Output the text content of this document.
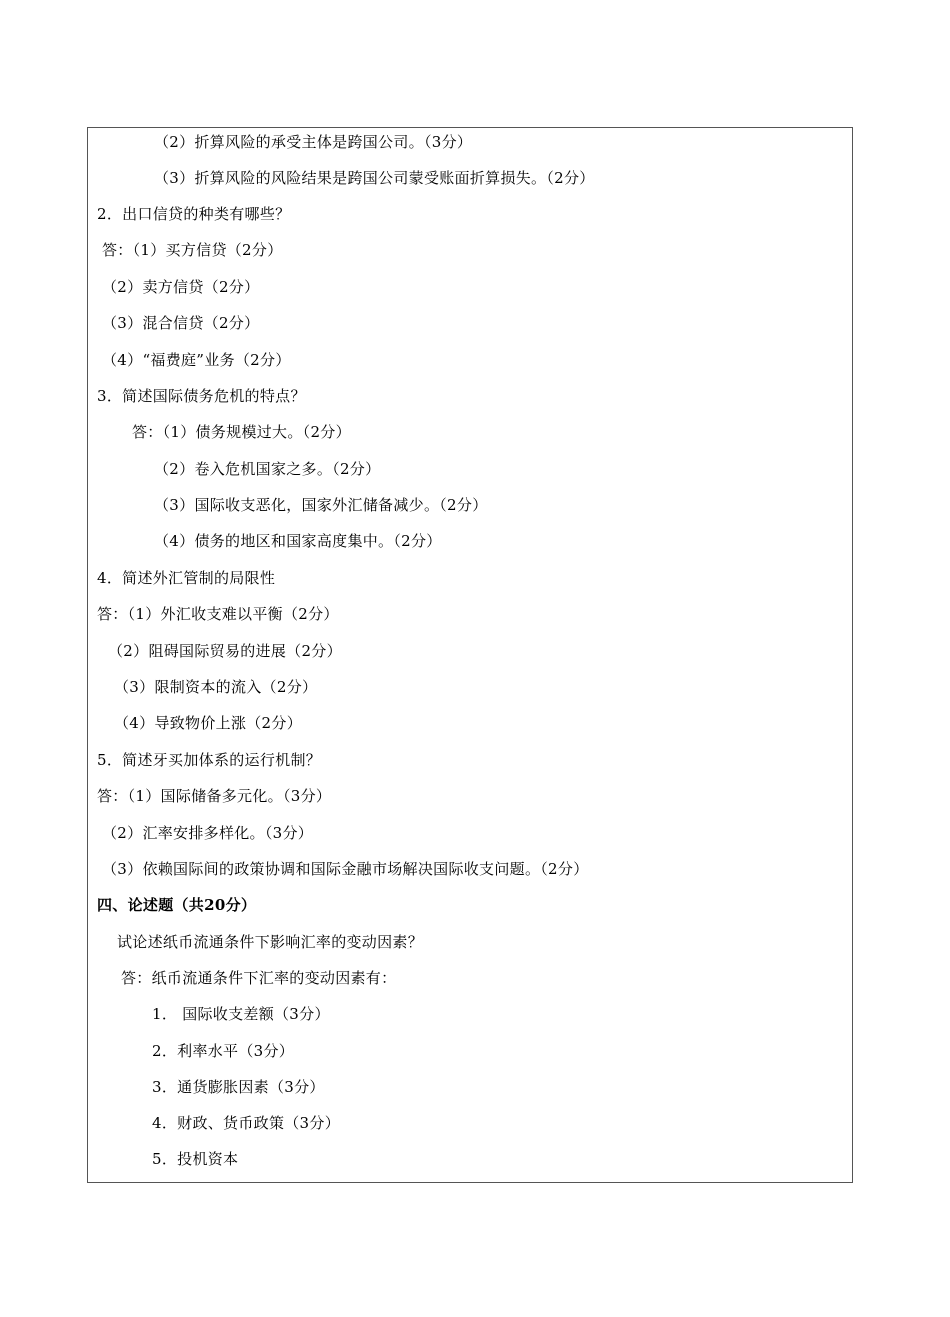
（2）折算风险的承受主体是跨国公司。（3分）
（3）折算风险的风险结果是跨国公司蒙受账面折算损失。（2分）
2．出口信贷的种类有哪些？
答：（1）买方信贷（2分）
（2）卖方信贷（2分）
（3）混合信贷（2分）
（4）“福费庭”业务（2分）
3．简述国际债务危机的特点？
答：（1）债务规模过大。（2分）
（2）卷入危机国家之多。（2分）
（3）国际收支恶化，国家外汇储备减少。（2分）
（4）债务的地区和国家高度集中。（2分）
4．简述外汇管制的局限性
答：（1）外汇收支难以平衡（2分）
（2）阻碍国际贸易的进展（2分）
（3）限制资本的流入（2分）
（4）导致物价上涨（2分）
5．简述牙买加体系的运行机制？
答：（1）国际储备多元化。（3分）
（2）汇率安排多样化。（3分）
（3）依赖国际间的政策协调和国际金融市场解决国际收支问题。（2分）
四、论述题（共20分）
试论述纸币流通条件下影响汇率的变动因素？
答：纸币流通条件下汇率的变动因素有：
1． 国际收支差额（3分）
2．利率水平（3分）
3．通货膨胀因素（3分）
4．财政、货币政策（3分）
5．投机资本
